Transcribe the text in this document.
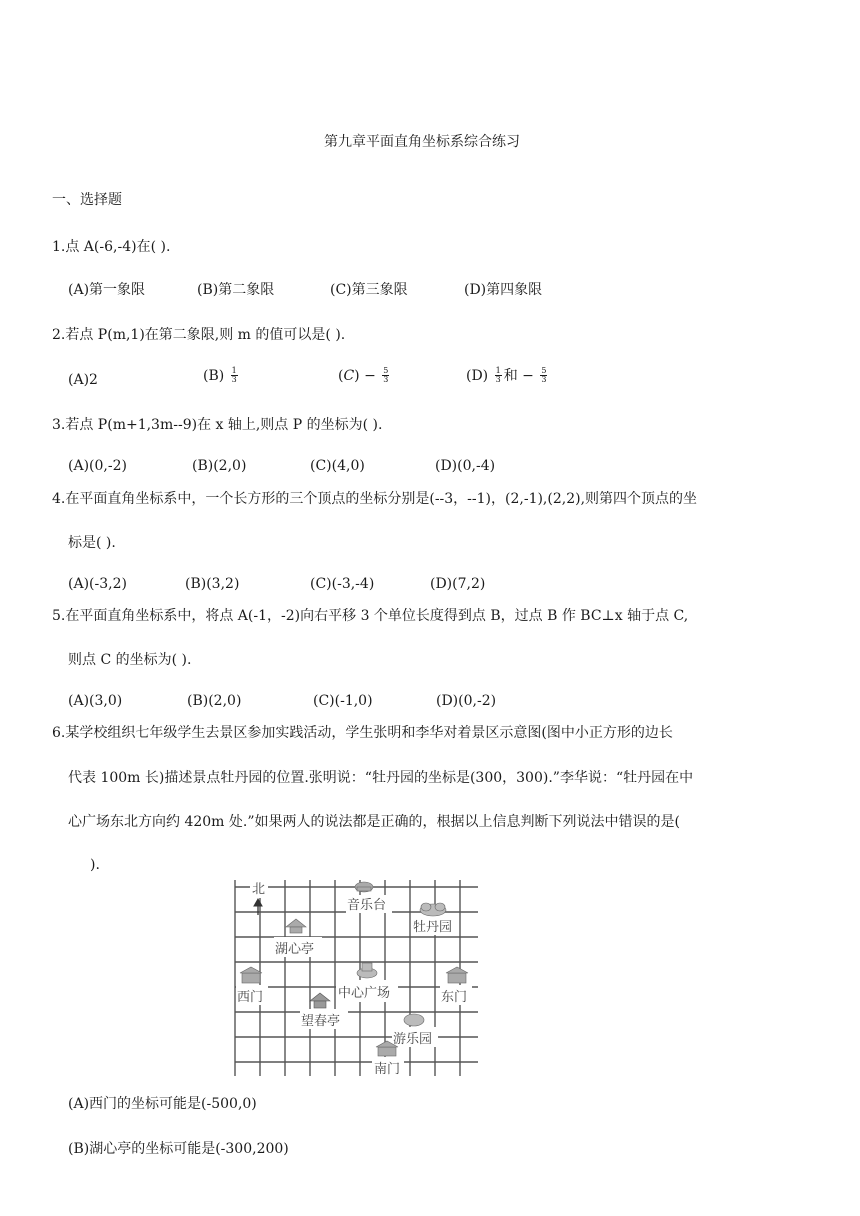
第九章平面直角坐标系综合练习
一、选择题
1.点 A(-6,-4)在( ).
(A)第一象限	(B)第二象限	(C)第三象限	(D)第四象限
2.若点 P(m,1)在第二象限,则 m 的值可以是( ).
(A)2	$(B) \frac{1}{3}$	(𝐶) − $\frac{5}{3}$	$(D) \frac{1}{3}$ 和 − $\frac{5}{3}$
3.若点 P(m+1,3m--9)在 x 轴上,则点 P 的坐标为( ).
(A)(0,-2)	(B)(2,0)	(C)(4,0)	(D)(0,-4)
4.在平面直角坐标系中，一个长方形的三个顶点的坐标分别是(--3，--1)，(2,-1),(2,2),则第四个顶点的坐
标是( ).
(A)(-3,2)	(B)(3,2)	(C)(-3,-4)	(D)(7,2)
5.在平面直角坐标系中，将点 A(-1，-2)向右平移 3 个单位长度得到点 B，过点 B 作 BC⊥x 轴于点 C,
则点 C 的坐标为( ).
(A)(3,0)	(B)(2,0)	(C)(-1,0)	(D)(0,-2)
6.某学校组织七年级学生去景区参加实践活动，学生张明和李华对着景区示意图(图中小正方形的边长
代表 100m 长)描述景点牡丹园的位置.张明说：“牡丹园的坐标是(300，300).”李华说：“牡丹园在中
心广场东北方向约 420m 处.”如果两人的说法都是正确的，根据以上信息判断下列说法中错误的是(
).
北
音乐台
牡丹园
湖心亭
西门	中心广场	东门
望春亭
游乐园
南门
(A)西门的坐标可能是(-500,0)
(B)湖心亭的坐标可能是(-300,200)
